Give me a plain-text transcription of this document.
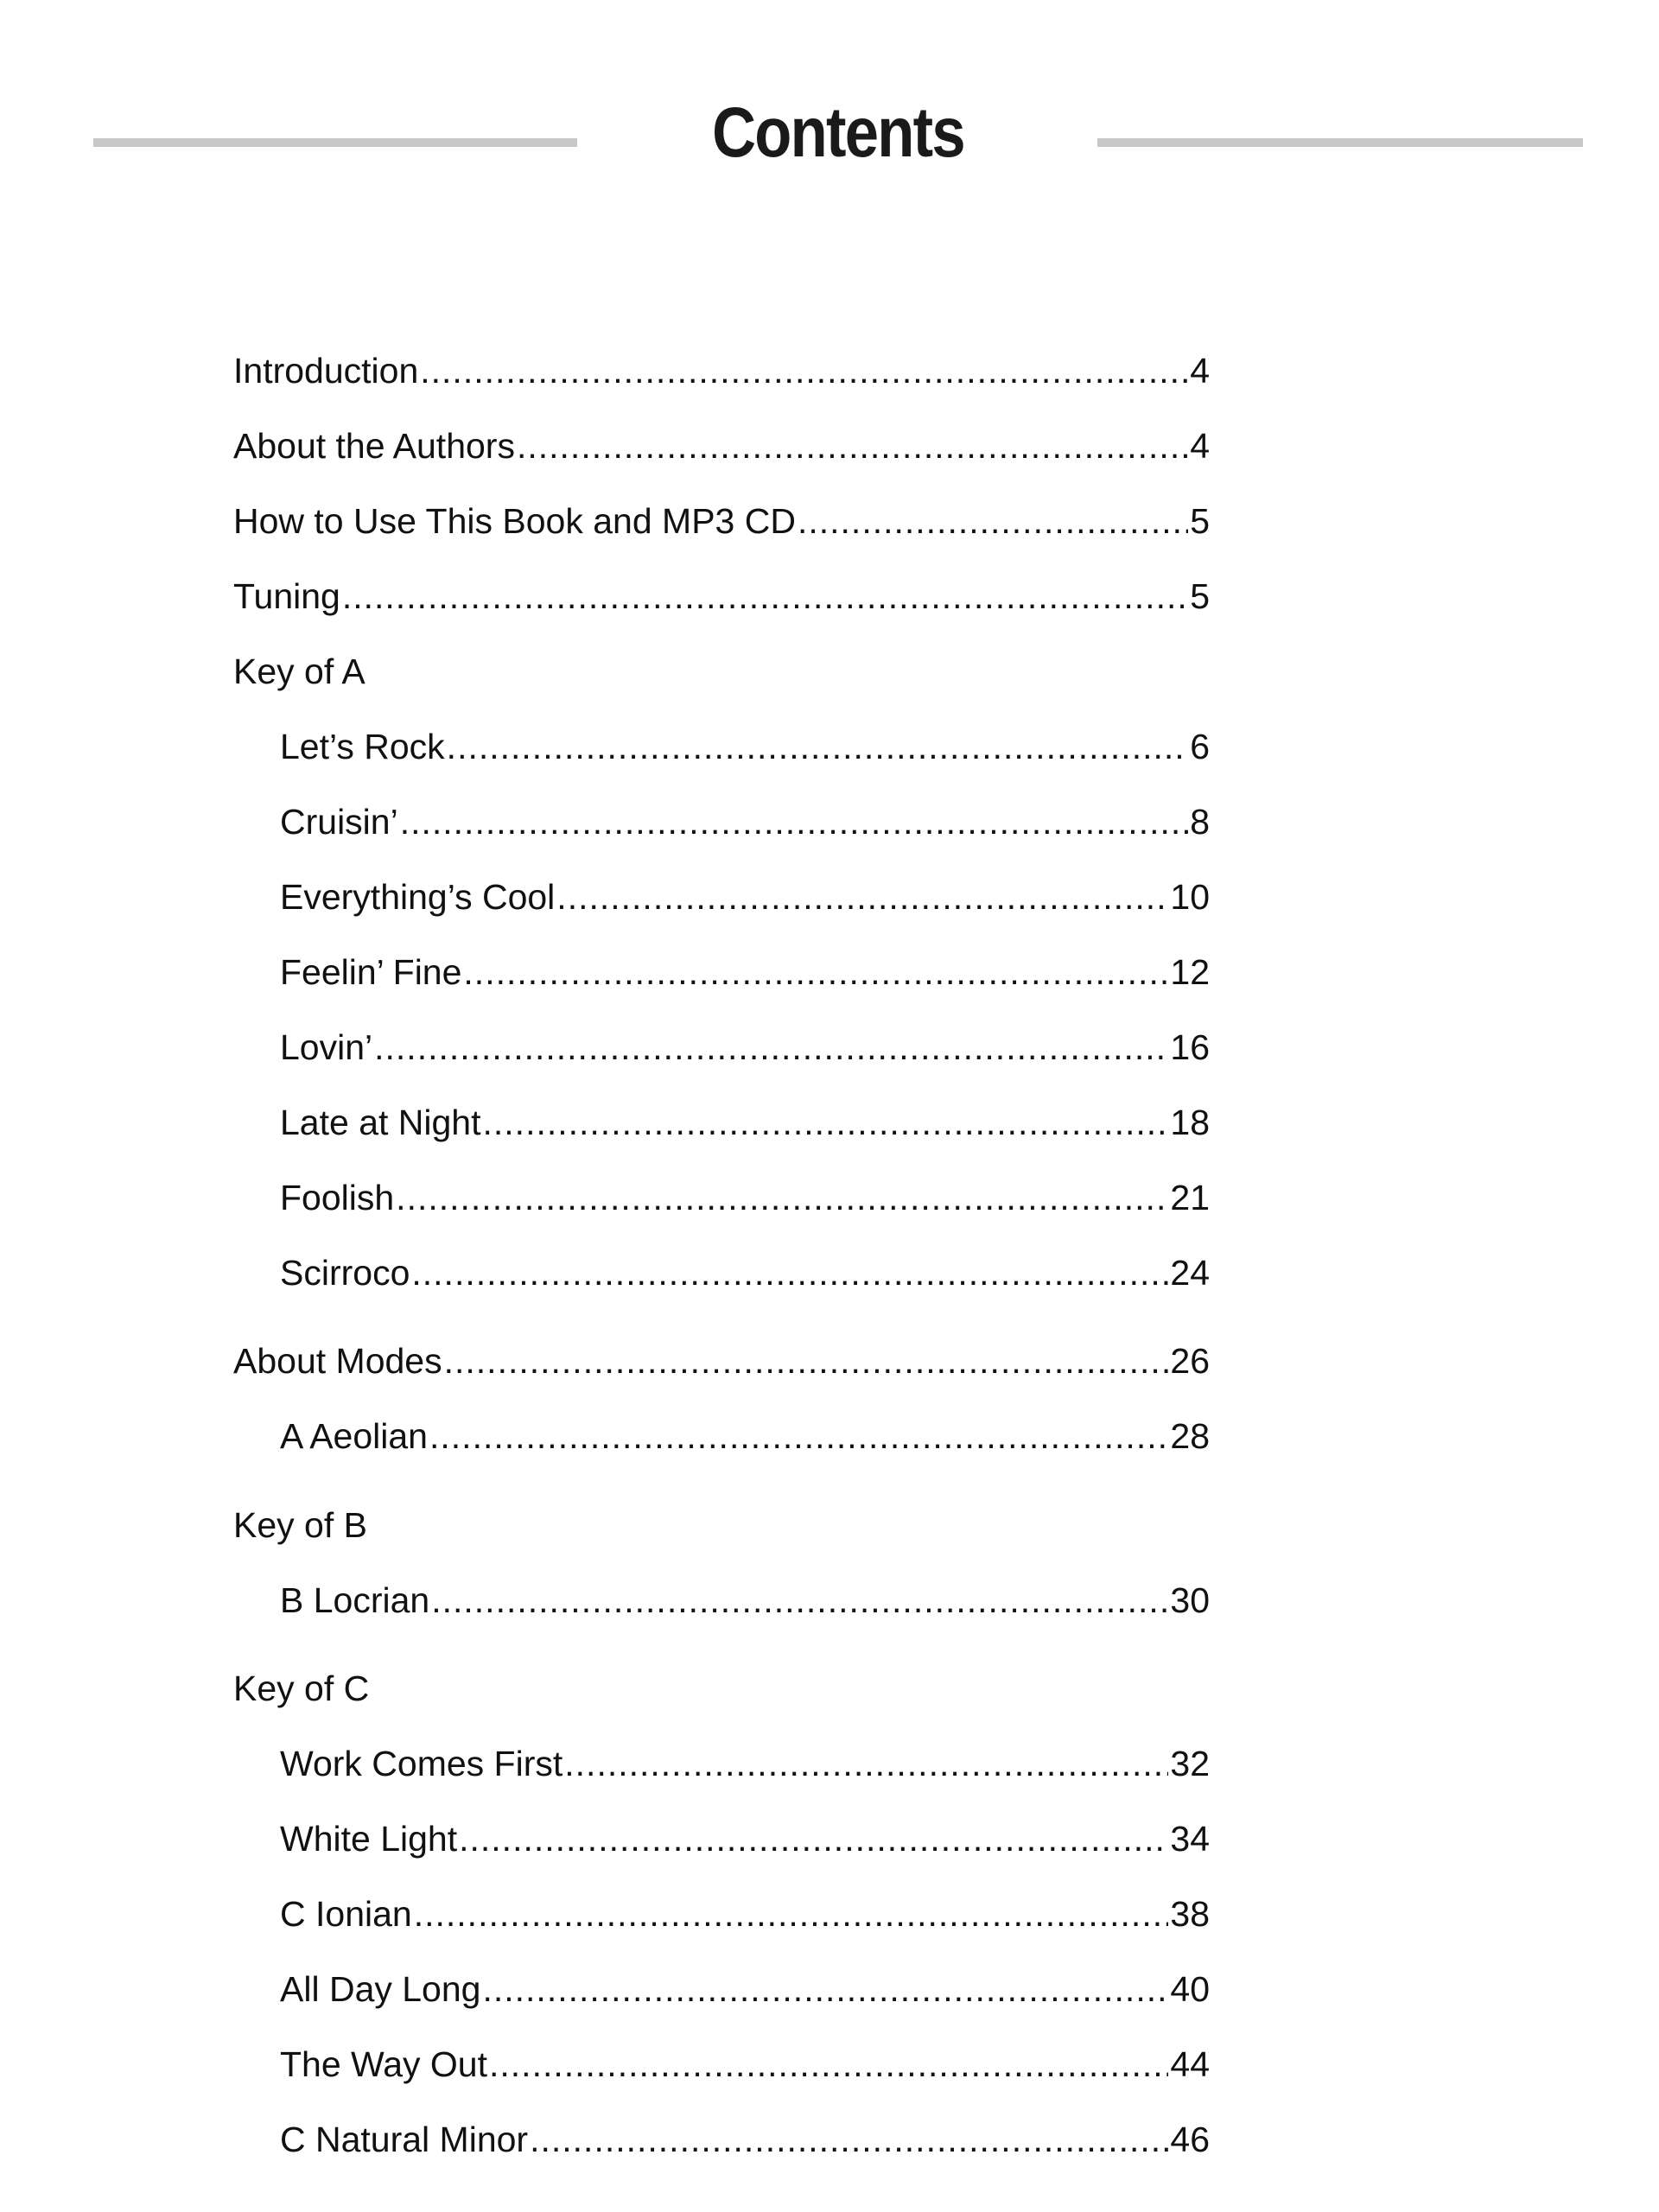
Contents
Introduction .....	4
About the Authors .....	4
How to Use This Book and MP3 CD .....	5
Tuning .....	5
Key of A
Let’s Rock .....	6
Cruisin’ .....	8
Everything’s Cool .....	10
Feelin’ Fine .....	12
Lovin’ .....	16
Late at Night .....	18
Foolish .....	21
Scirroco .....	24
About Modes .....	26
A Aeolian .....	28
Key of B
B Locrian .....	30
Key of C
Work Comes First .....	32
White Light .....	34
C Ionian .....	38
All Day Long .....	40
The Way Out .....	44
C Natural Minor .....	46
